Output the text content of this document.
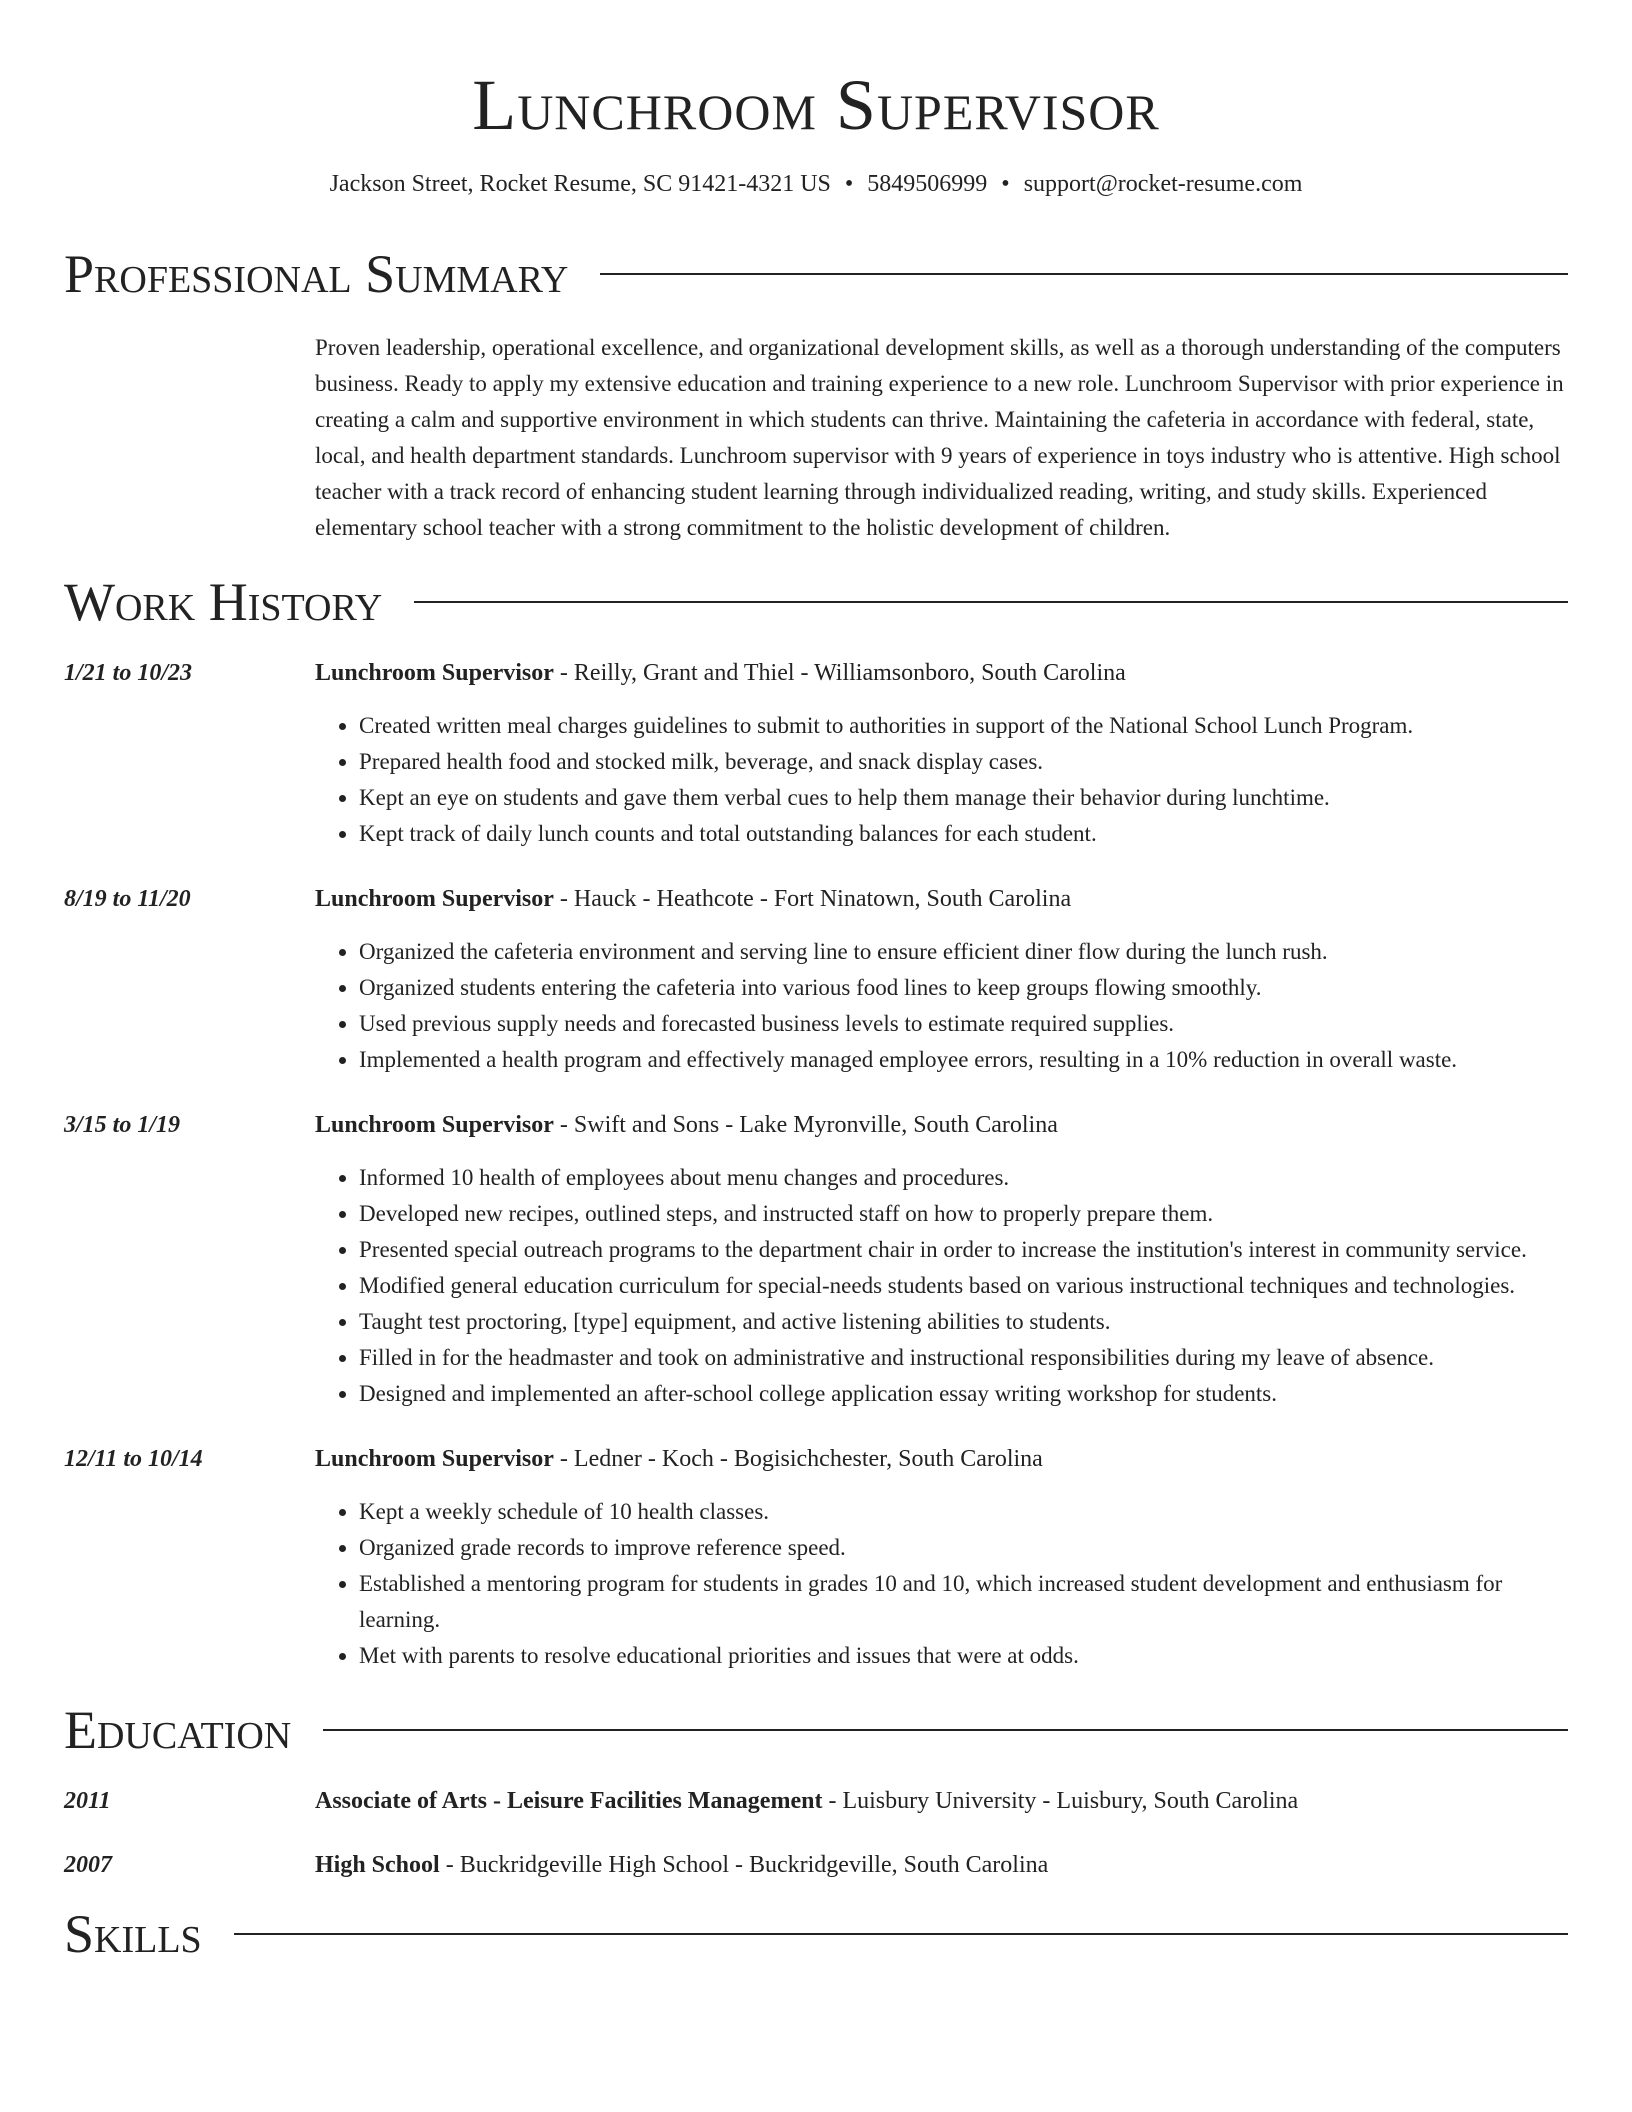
Lunchroom Supervisor
Jackson Street, Rocket Resume, SC 91421-4321 US • 5849506999 • support@rocket-resume.com
Professional Summary
Proven leadership, operational excellence, and organizational development skills, as well as a thorough understanding of the computers business. Ready to apply my extensive education and training experience to a new role. Lunchroom Supervisor with prior experience in creating a calm and supportive environment in which students can thrive. Maintaining the cafeteria in accordance with federal, state, local, and health department standards. Lunchroom supervisor with 9 years of experience in toys industry who is attentive. High school teacher with a track record of enhancing student learning through individualized reading, writing, and study skills. Experienced elementary school teacher with a strong commitment to the holistic development of children.
Work History
1/21 to 10/23	Lunchroom Supervisor - Reilly, Grant and Thiel - Williamsonboro, South Carolina
• Created written meal charges guidelines to submit to authorities in support of the National School Lunch Program.
• Prepared health food and stocked milk, beverage, and snack display cases.
• Kept an eye on students and gave them verbal cues to help them manage their behavior during lunchtime.
• Kept track of daily lunch counts and total outstanding balances for each student.
8/19 to 11/20	Lunchroom Supervisor - Hauck - Heathcote - Fort Ninatown, South Carolina
• Organized the cafeteria environment and serving line to ensure efficient diner flow during the lunch rush.
• Organized students entering the cafeteria into various food lines to keep groups flowing smoothly.
• Used previous supply needs and forecasted business levels to estimate required supplies.
• Implemented a health program and effectively managed employee errors, resulting in a 10% reduction in overall waste.
3/15 to 1/19	Lunchroom Supervisor - Swift and Sons - Lake Myronville, South Carolina
• Informed 10 health of employees about menu changes and procedures.
• Developed new recipes, outlined steps, and instructed staff on how to properly prepare them.
• Presented special outreach programs to the department chair in order to increase the institution's interest in community service.
• Modified general education curriculum for special-needs students based on various instructional techniques and technologies.
• Taught test proctoring, [type] equipment, and active listening abilities to students.
• Filled in for the headmaster and took on administrative and instructional responsibilities during my leave of absence.
• Designed and implemented an after-school college application essay writing workshop for students.
12/11 to 10/14	Lunchroom Supervisor - Ledner - Koch - Bogisichchester, South Carolina
• Kept a weekly schedule of 10 health classes.
• Organized grade records to improve reference speed.
• Established a mentoring program for students in grades 10 and 10, which increased student development and enthusiasm for learning.
• Met with parents to resolve educational priorities and issues that were at odds.
Education
2011	Associate of Arts - Leisure Facilities Management - Luisbury University - Luisbury, South Carolina
2007	High School - Buckridgeville High School - Buckridgeville, South Carolina
Skills
